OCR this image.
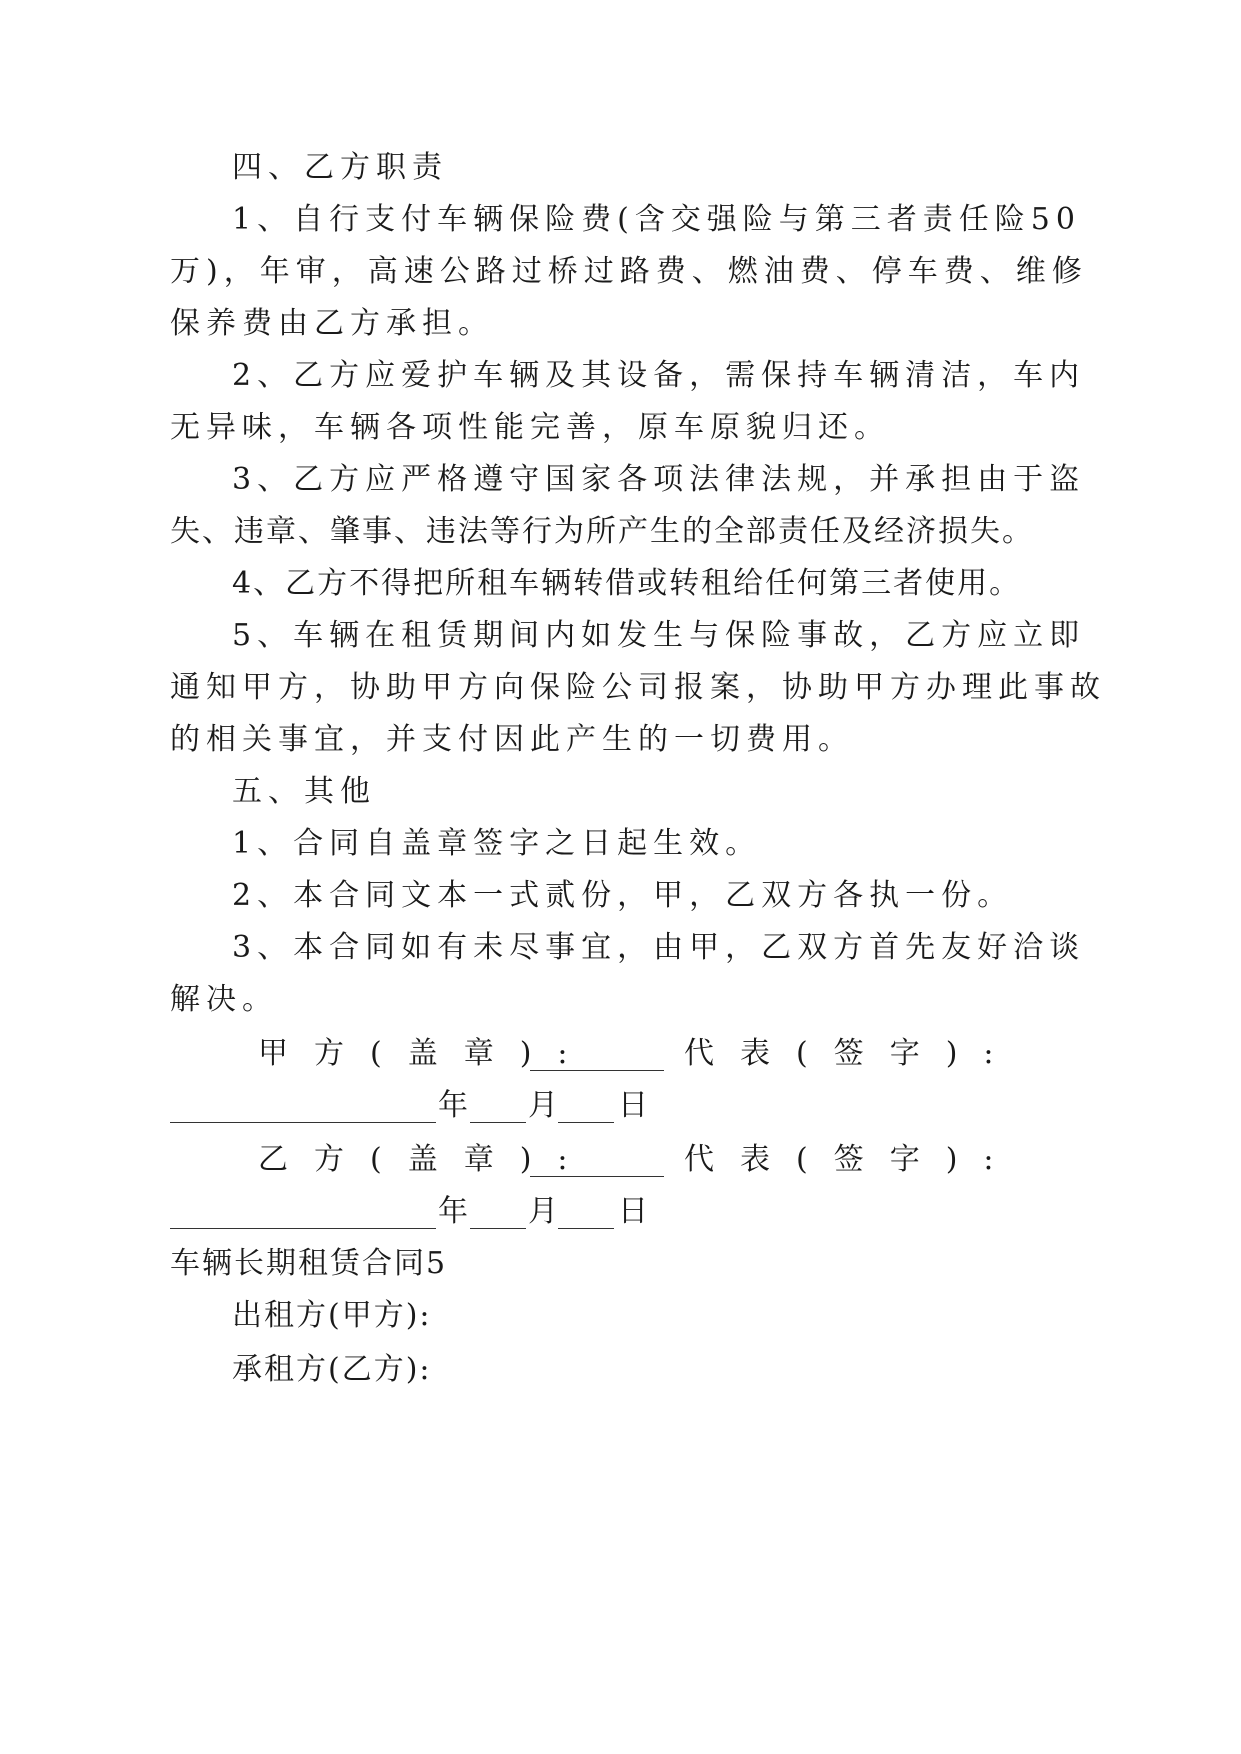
四、乙方职责
1、自行支付车辆保险费(含交强险与第三者责任险50
万)，年审，高速公路过桥过路费、燃油费、停车费、维修
保养费由乙方承担。
2、乙方应爱护车辆及其设备，需保持车辆清洁，车内
无异味，车辆各项性能完善，原车原貌归还。
3、乙方应严格遵守国家各项法律法规，并承担由于盗
失、违章、肇事、违法等行为所产生的全部责任及经济损失。
4、乙方不得把所租车辆转借或转租给任何第三者使用。
5、车辆在租赁期间内如发生与保险事故，乙方应立即
通知甲方，协助甲方向保险公司报案，协助甲方办理此事故
的相关事宜，并支付因此产生的一切费用。
五、其他
1、合同自盖章签字之日起生效。
2、本合同文本一式贰份，甲，乙双方各执一份。
3、本合同如有未尽事宜，由甲，乙双方首先友好洽谈
解决。
甲方(盖章):	代表(签字):
年 月 日
乙方(盖章):	代表(签字):
年 月 日
车辆长期租赁合同5
出租方(甲方):
承租方(乙方):
